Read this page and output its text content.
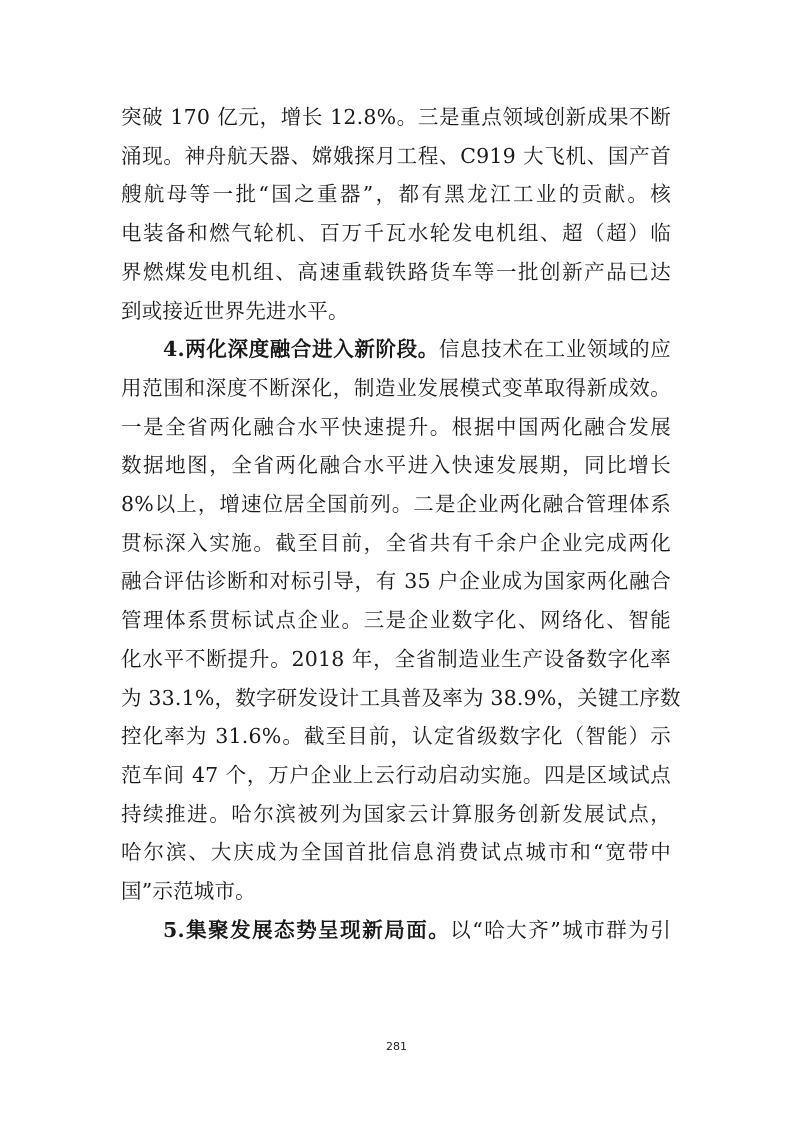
突破 170 亿元，增长 12.8%。三是重点领域创新成果不断
涌现。神舟航天器、嫦娥探月工程、C919 大飞机、国产首
艘航母等一批“国之重器”，都有黑龙江工业的贡献。核
电装备和燃气轮机、百万千瓦水轮发电机组、超（超）临
界燃煤发电机组、高速重载铁路货车等一批创新产品已达
到或接近世界先进水平。
4.两化深度融合进入新阶段。信息技术在工业领域的应
用范围和深度不断深化，制造业发展模式变革取得新成效。
一是全省两化融合水平快速提升。根据中国两化融合发展
数据地图，全省两化融合水平进入快速发展期，同比增长
8%以上，增速位居全国前列。二是企业两化融合管理体系
贯标深入实施。截至目前，全省共有千余户企业完成两化
融合评估诊断和对标引导，有 35 户企业成为国家两化融合
管理体系贯标试点企业。三是企业数字化、网络化、智能
化水平不断提升。2018 年，全省制造业生产设备数字化率
为 33.1%，数字研发设计工具普及率为 38.9%，关键工序数
控化率为 31.6%。截至目前，认定省级数字化（智能）示
范车间 47 个，万户企业上云行动启动实施。四是区域试点
持续推进。哈尔滨被列为国家云计算服务创新发展试点，
哈尔滨、大庆成为全国首批信息消费试点城市和“宽带中
国”示范城市。
5.集聚发展态势呈现新局面。以“哈大齐”城市群为引
281
